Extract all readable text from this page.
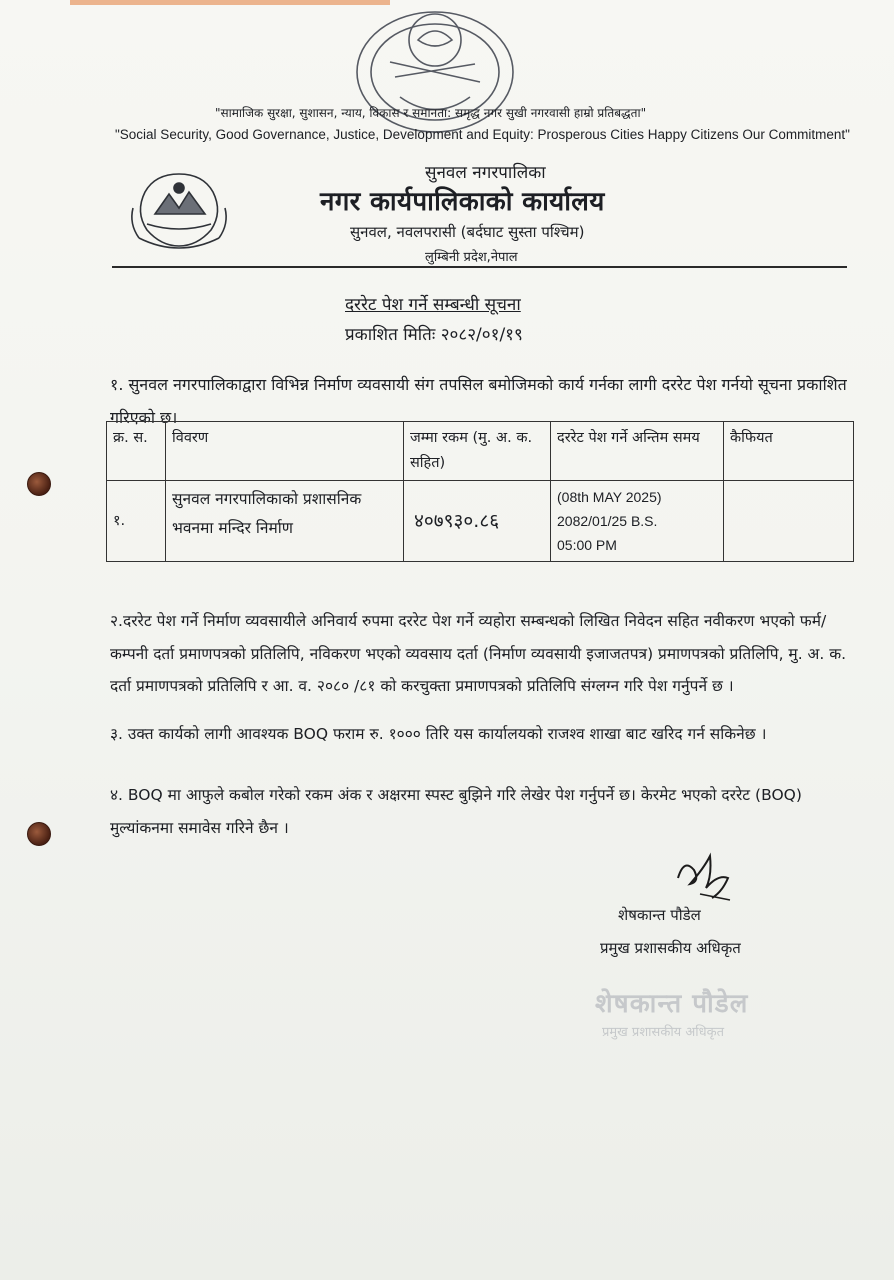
"सामाजिक सुरक्षा, सुशासन, न्याय, विकास र समानता: समृद्ध नगर सुखी नगरवासी हाम्रो प्रतिबद्धता"
"Social Security, Good Governance, Justice, Development and Equity: Prosperous Cities Happy Citizens Our Commitment"
सुनवल नगरपालिका
नगर कार्यपालिकाको कार्यालय
सुनवल, नवलपरासी (बर्दघाट सुस्ता पश्चिम)
लुम्बिनी प्रदेश,नेपाल
दररेट पेश गर्ने सम्बन्धी सूचना
प्रकाशित मितिः २०८२/०१/१९
१. सुनवल नगरपालिकाद्वारा विभिन्न निर्माण व्यवसायी संग तपसिल बमोजिमको कार्य गर्नका लागी दररेट पेश गर्नयो सूचना प्रकाशित गरिएको छ।
क्र. स.	विवरण	जम्मा रकम (मु. अ. क. सहित)	दररेट पेश गर्ने अन्तिम समय	कैफियत
१.	सुनवल नगरपालिकाको प्रशासनिक भवनमा मन्दिर निर्माण	४०७९३०.८६	(08th MAY 2025)
2082/01/25 B.S.
05:00 PM	

२.दररेट पेश गर्ने निर्माण व्यवसायीले अनिवार्य रुपमा दररेट पेश गर्ने व्यहोरा सम्बन्धको लिखित निवेदन सहित नवीकरण भएको फर्म/ कम्पनी दर्ता प्रमाणपत्रको प्रतिलिपि, नविकरण भएको व्यवसाय दर्ता (निर्माण व्यवसायी इजाजतपत्र) प्रमाणपत्रको प्रतिलिपि, मु. अ. क. दर्ता प्रमाणपत्रको प्रतिलिपि र आ. व. २०८० /८१ को करचुक्ता प्रमाणपत्रको प्रतिलिपि संग्लग्न गरि पेश गर्नुपर्ने छ ।
३. उक्त कार्यको लागी आवश्यक BOQ फराम रु. १००० तिरि यस कार्यालयको राजश्व शाखा बाट खरिद गर्न सकिनेछ ।
४. BOQ मा आफुले कबोल गरेको रकम अंक र अक्षरमा स्पस्ट बुझिने गरि लेखेर पेश गर्नुपर्ने छ। केरमेट भएको दररेट (BOQ) मुल्यांकनमा समावेस गरिने छैन ।
शेषकान्त पौडेल
प्रमुख प्रशासकीय अधिकृत
शेषकान्त पौडेल
प्रमुख प्रशासकीय अधिकृत
